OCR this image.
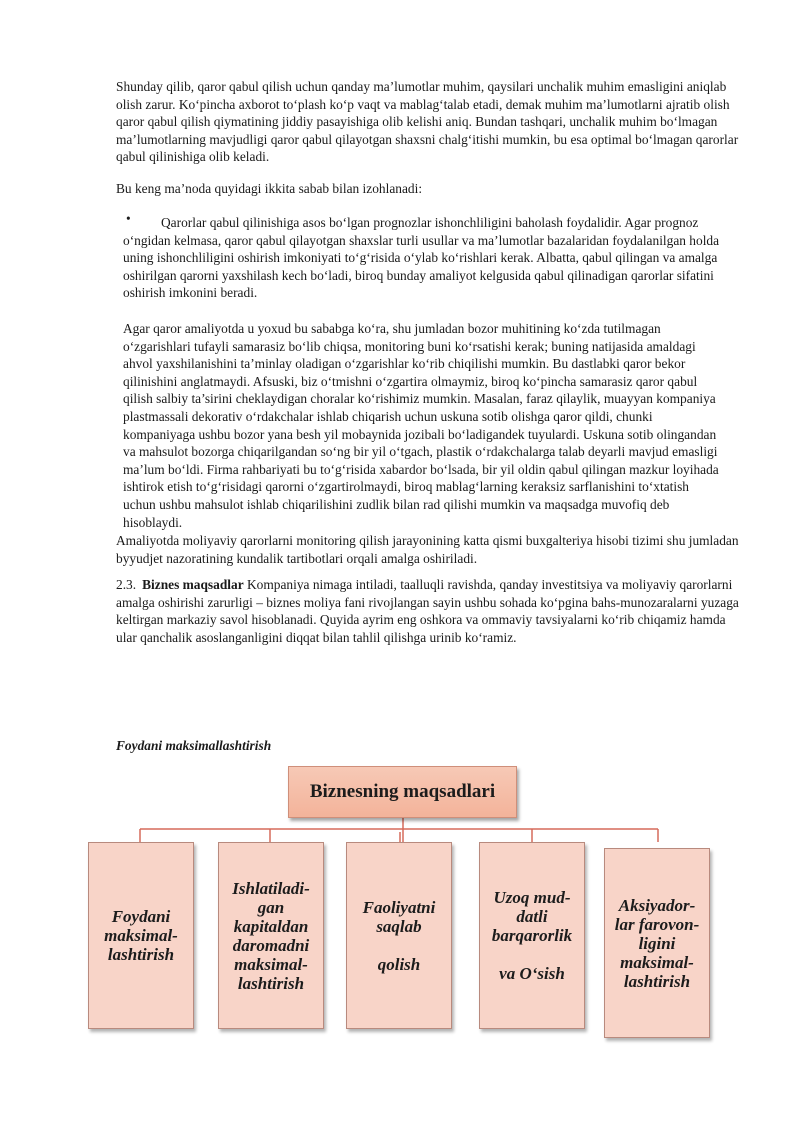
Shunday qilib, qaror qabul qilish uchun qanday ma’lumotlar muhim, qaysilari unchalik muhim emasligini aniqlab olish zarur. Koʻpincha axborot toʻplash koʻp vaqt va mablagʻtalab etadi, demak muhim ma’lumotlarni ajratib olish qaror qabul qilish qiymatining jiddiy pasayishiga olib kelishi aniq. Bundan tashqari, unchalik muhim boʻlmagan ma’lumotlarning mavjudligi qaror qabul qilayotgan shaxsni chalgʻitishi mumkin, bu esa optimal boʻlmagan qarorlar qabul qilinishiga olib keladi.

Bu keng ma’noda quyidagi ikkita sabab bilan izohlanadi:

•	Qarorlar qabul qilinishiga asos boʻlgan prognozlar ishonchliligini baholash foydalidir. Agar prognoz oʻngidan kelmasa, qaror qabul qilayotgan shaxslar turli usullar va ma’lumotlar bazalaridan foydalanilgan holda uning ishonchliligini oshirish imkoniyati toʻgʻrisida oʻylab koʻrishlari kerak. Albatta, qabul qilingan va amalga oshirilgan qarorni yaxshilash kech boʻladi, biroq bunday amaliyot kelgusida qabul qilinadigan qarorlar sifatini oshirish imkonini beradi.

Agar qaror amaliyotda u yoxud bu sababga koʻra, shu jumladan bozor muhitining koʻzda tutilmagan oʻzgarishlari tufayli samarasiz boʻlib chiqsa, monitoring buni koʻrsatishi kerak; buning natijasida amaldagi ahvol yaxshilanishini ta’minlay oladigan oʻzgarishlar koʻrib chiqilishi mumkin. Bu dastlabki qaror bekor qilinishini anglatmaydi. Afsuski, biz oʻtmishni oʻzgartira olmaymiz, biroq koʻpincha samarasiz qaror qabul qilish salbiy ta’sirini cheklaydigan choralar koʻrishimiz mumkin. Masalan, faraz qilaylik, muayyan kompaniya plastmassali dekorativ oʻrdakchalar ishlab chiqarish uchun uskuna sotib olishga qaror qildi, chunki kompaniyaga ushbu bozor yana besh yil mobaynida jozibali boʻladigandek tuyulardi. Uskuna sotib olingandan va mahsulot bozorga chiqarilgandan soʻng bir yil oʻtgach, plastik oʻrdakchalarga talab deyarli mavjud emasligi ma’lum boʻldi. Firma rahbariyati bu toʻgʻrisida xabardor boʻlsada, bir yil oldin qabul qilingan mazkur loyihada ishtirok etish toʻgʻrisidagi qarorni oʻzgartirolmaydi, biroq mablagʻlarning keraksiz sarflanishini toʻxtatish uchun ushbu mahsulot ishlab chiqarilishini zudlik bilan rad qilishi mumkin va maqsadga muvofiq deb hisoblaydi.

Amaliyotda moliyaviy qarorlarni monitoring qilish jarayonining katta qismi buxgalteriya hisobi tizimi shu jumladan byyudjet nazoratining kundalik tartibotlari orqali amalga oshiriladi.

2.3. Biznes maqsadlar Kompaniya nimaga intiladi, taalluqli ravishda, qanday investitsiya va moliyaviy qarorlarni amalga oshirishi zarurligi – biznes moliya fani rivojlangan sayin ushbu sohada koʻpgina bahs-munozaralarni yuzaga keltirgan markaziy savol hisoblanadi. Quyida ayrim eng oshkora va ommaviy tavsiyalarni koʻrib chiqamiz hamda ular qanchalik asoslanganligini diqqat bilan tahlil qilishga urinib koʻramiz.

Foydani maksimallashtirish
Biznesning maqsadlari
Foydani
maksimal-
lashtirish
Ishlatiladi-
gan
kapitaldan
daromadni
maksimal-
lashtirish
Faoliyatni
saqlab

qolish
Uzoq mud-
datli
barqarorlik

va Oʻsish
Aksiyador-
lar farovon-
ligini
maksimal-
lashtirish
